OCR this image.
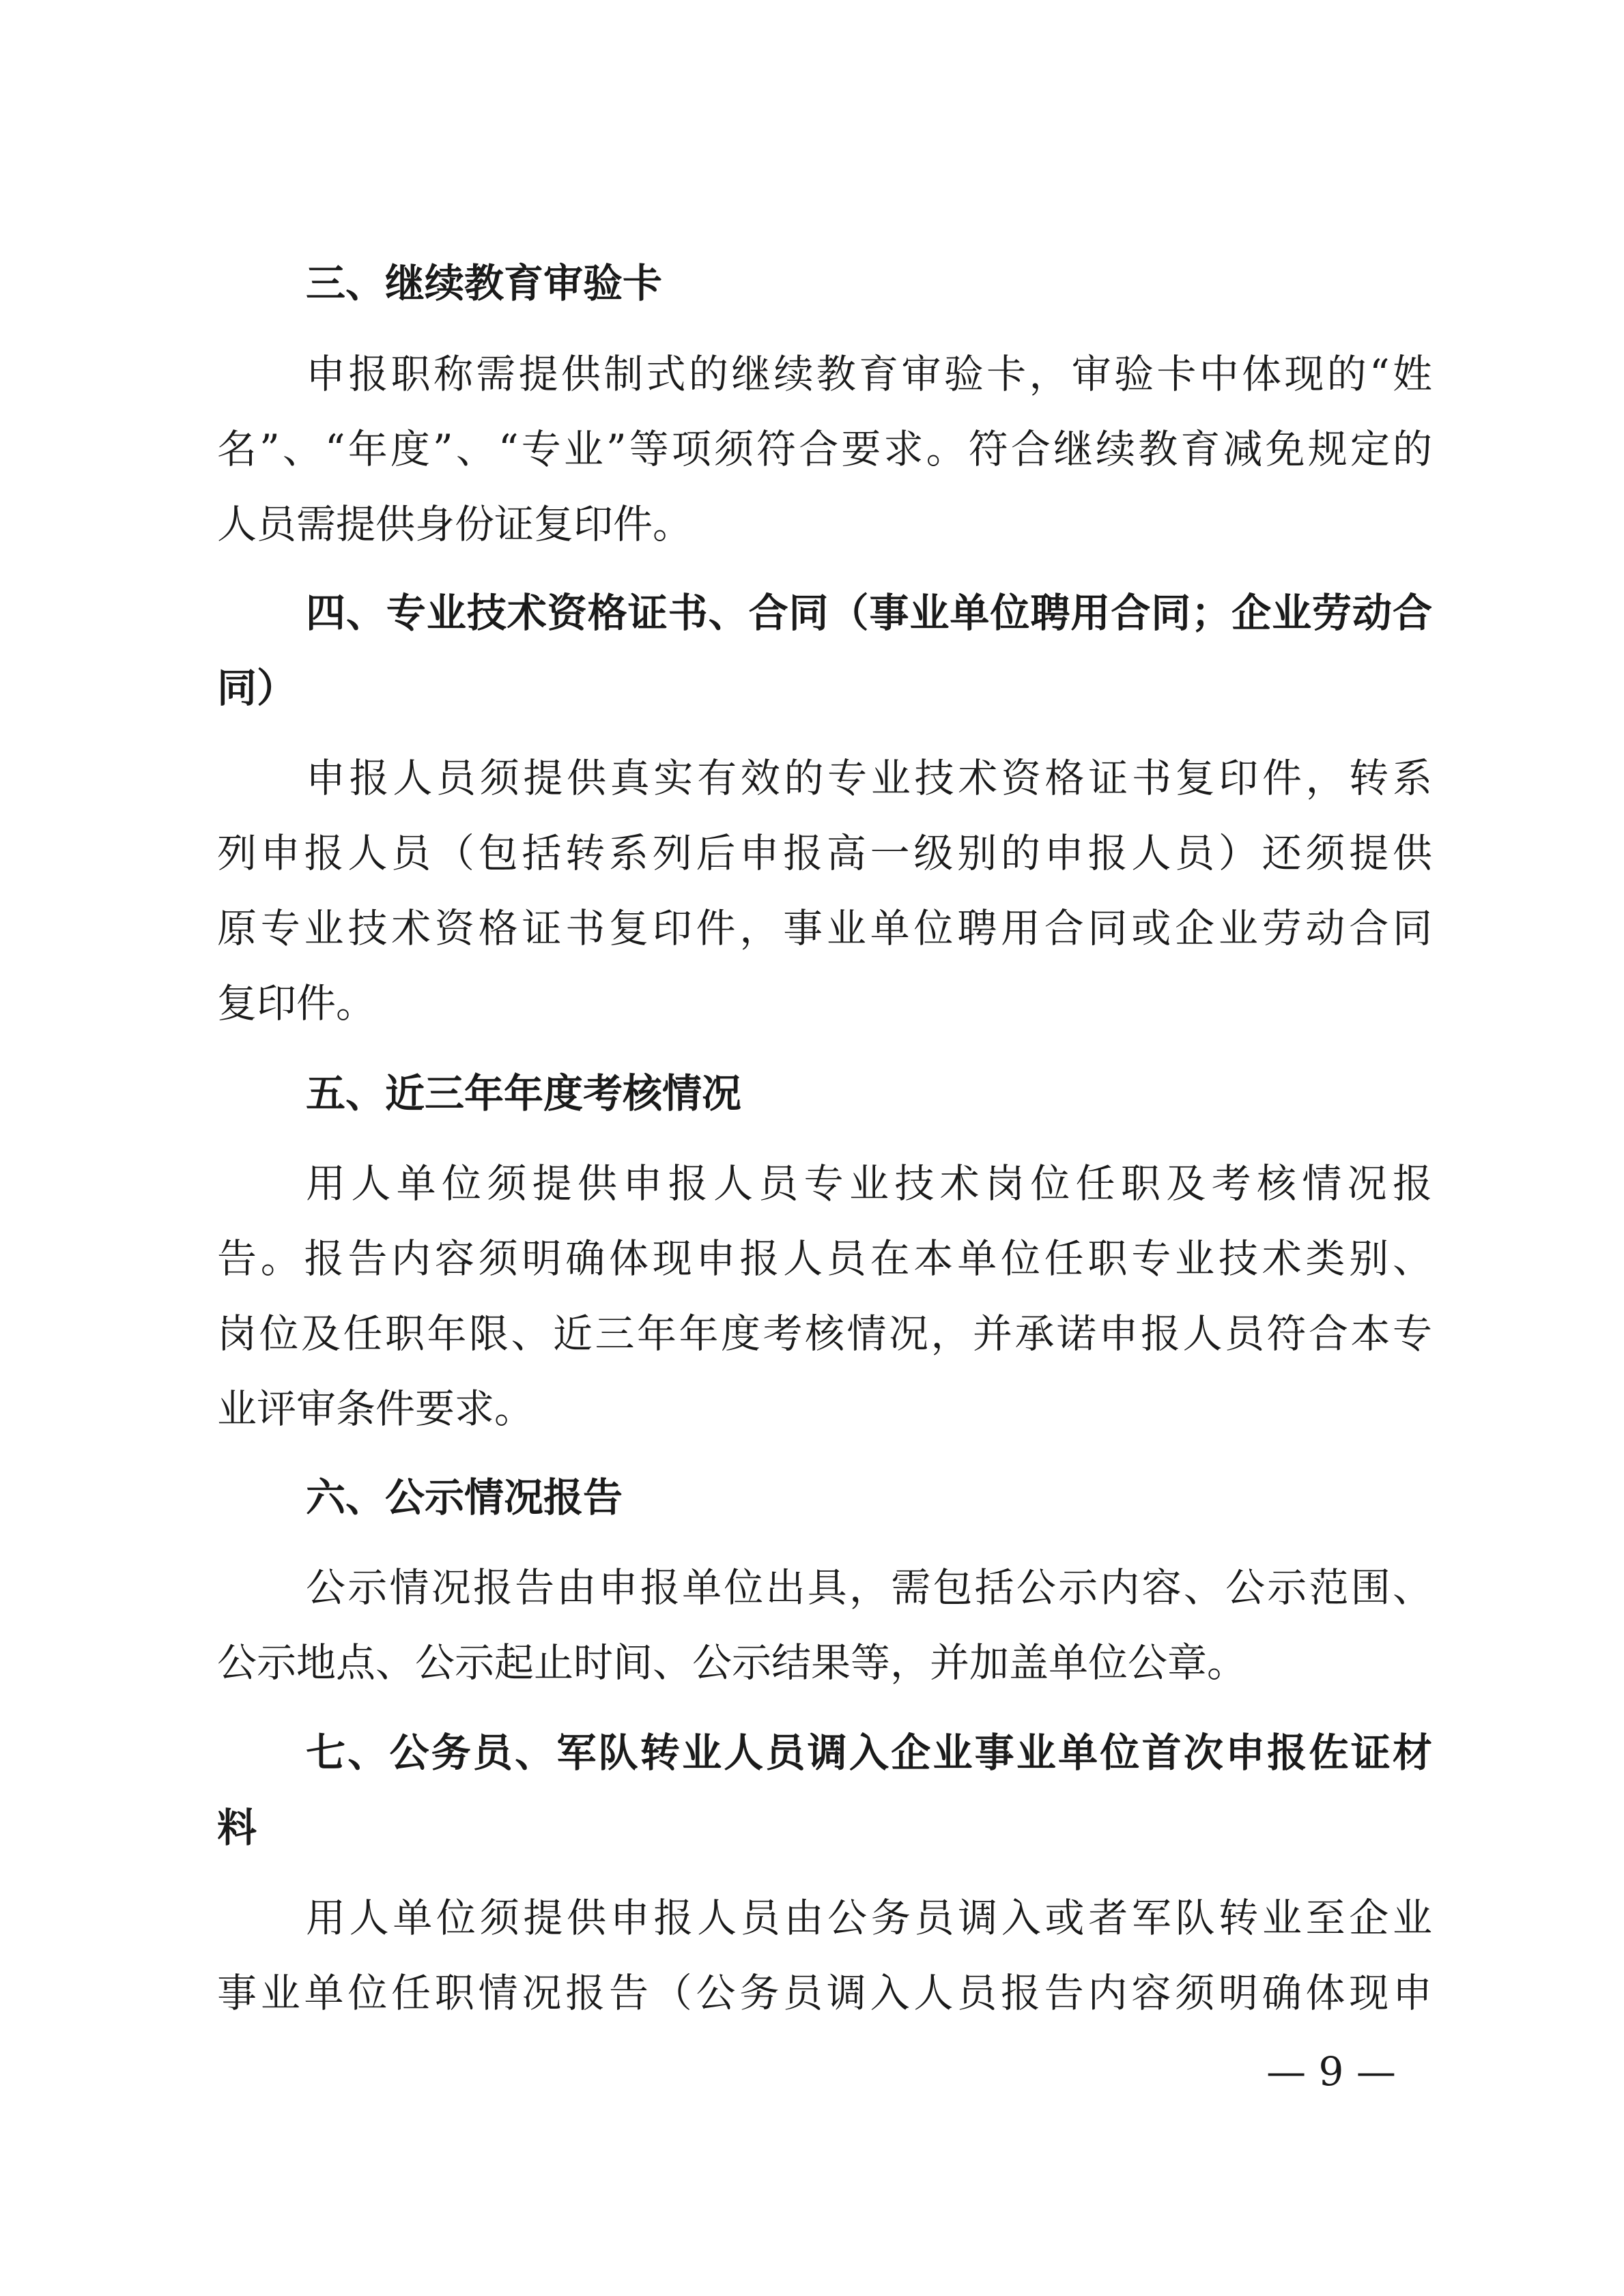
三、继续教育审验卡
申报职称需提供制式的继续教育审验卡，审验卡中体现的“姓
名”、“年度”、“专业”等项须符合要求。符合继续教育减免规定的
人员需提供身份证复印件。
四、专业技术资格证书、合同（事业单位聘用合同；企业劳动合
同）
申报人员须提供真实有效的专业技术资格证书复印件，转系
列申报人员（包括转系列后申报高一级别的申报人员）还须提供
原专业技术资格证书复印件，事业单位聘用合同或企业劳动合同
复印件。
五、近三年年度考核情况
用人单位须提供申报人员专业技术岗位任职及考核情况报
告。报告内容须明确体现申报人员在本单位任职专业技术类别、
岗位及任职年限、近三年年度考核情况，并承诺申报人员符合本专
业评审条件要求。
六、公示情况报告
公示情况报告由申报单位出具，需包括公示内容、公示范围、
公示地点、公示起止时间、公示结果等，并加盖单位公章。
七、公务员、军队转业人员调入企业事业单位首次申报佐证材
料
用人单位须提供申报人员由公务员调入或者军队转业至企业
事业单位任职情况报告（公务员调入人员报告内容须明确体现申
— 9 —
